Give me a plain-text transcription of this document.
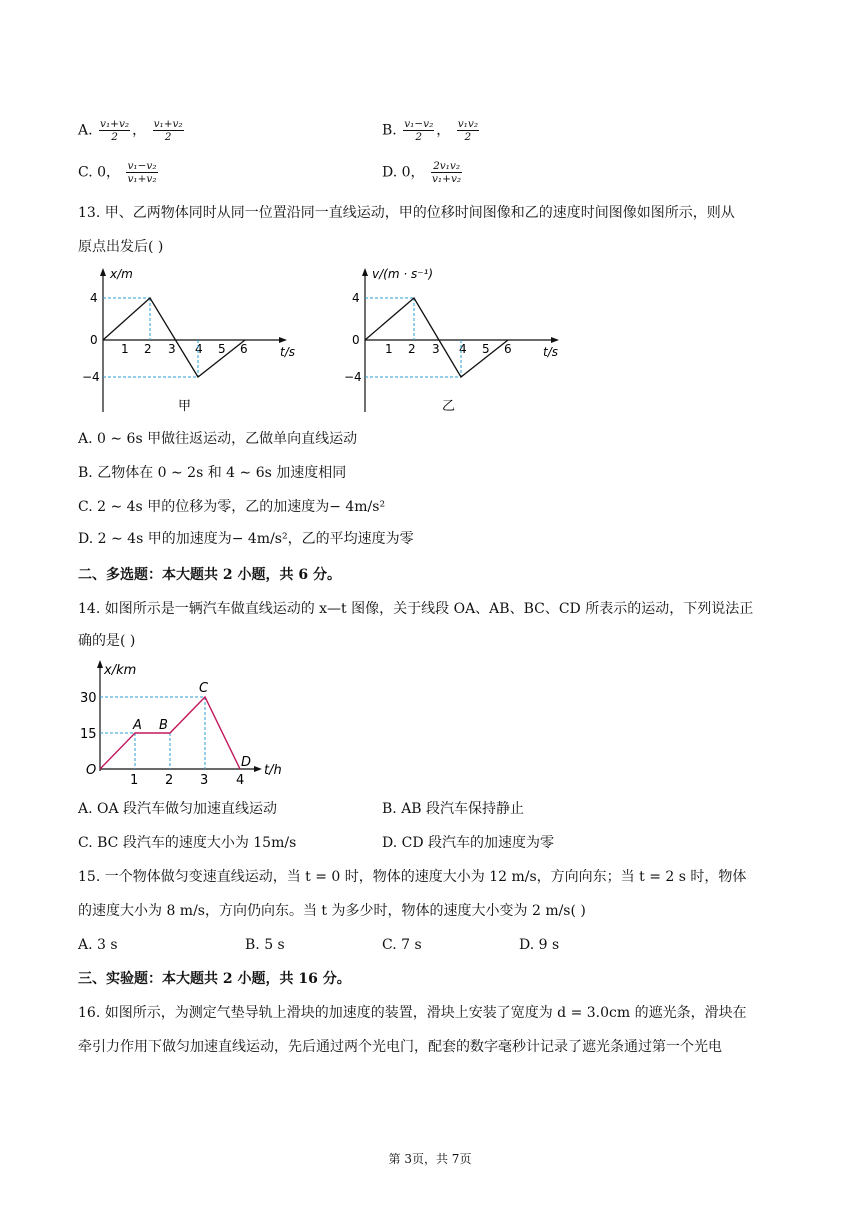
A. $\frac{\text{v₁+v₂}}{2}$ ， $\frac{\text{v₁+v₂}}{2}$	B. $\frac{\text{v₁−v₂}}{2}$ ， $\frac{\text{v₁v₂}}{2}$
C. 0， $\frac{\text{v₁−v₂}}{\text{v₁+v₂}}$	D. 0， $\frac{\text{2v₁v₂}}{\text{v₁+v₂}}$
13. 甲、乙两物体同时从同一位置沿同一直线运动，甲的位移时间图像和乙的速度时间图像如图所示，则从
原点出发后( )
x/m
t/s
4
0
−4
1 2 3 4 5 6
甲
v/(m · s⁻¹)
t/s
4
0
−4
1 2 3 4 5 6
乙
A. 0 ∼ 6s 甲做往返运动，乙做单向直线运动
B. 乙物体在 0 ∼ 2s 和 4 ∼ 6s 加速度相同
C. 2 ∼ 4s 甲的位移为零，乙的加速度为− 4m/s²
D. 2 ∼ 4s 甲的加速度为− 4m/s²，乙的平均速度为零
二、多选题：本大题共 2 小题，共 6 分。
14. 如图所示是一辆汽车做直线运动的 x—t 图像，关于线段 OA、AB、BC、CD 所表示的运动，下列说法正
确的是( )
x/km
t/h
30
15
1 2 3 4
O
A B
C
D
A. OA 段汽车做匀加速直线运动	B. AB 段汽车保持静止
C. BC 段汽车的速度大小为 15m/s	D. CD 段汽车的加速度为零
15. 一个物体做匀变速直线运动，当 t = 0 时，物体的速度大小为 12 m/s，方向向东；当 t = 2 s 时，物体
的速度大小为 8 m/s，方向仍向东。当 t 为多少时，物体的速度大小变为 2 m/s( )
A. 3 s	B. 5 s	C. 7 s	D. 9 s
三、实验题：本大题共 2 小题，共 16 分。
16. 如图所示，为测定气垫导轨上滑块的加速度的装置，滑块上安装了宽度为 d = 3.0cm 的遮光条，滑块在
牵引力作用下做匀加速直线运动，先后通过两个光电门，配套的数字毫秒计记录了遮光条通过第一个光电
第 3页，共 7页
